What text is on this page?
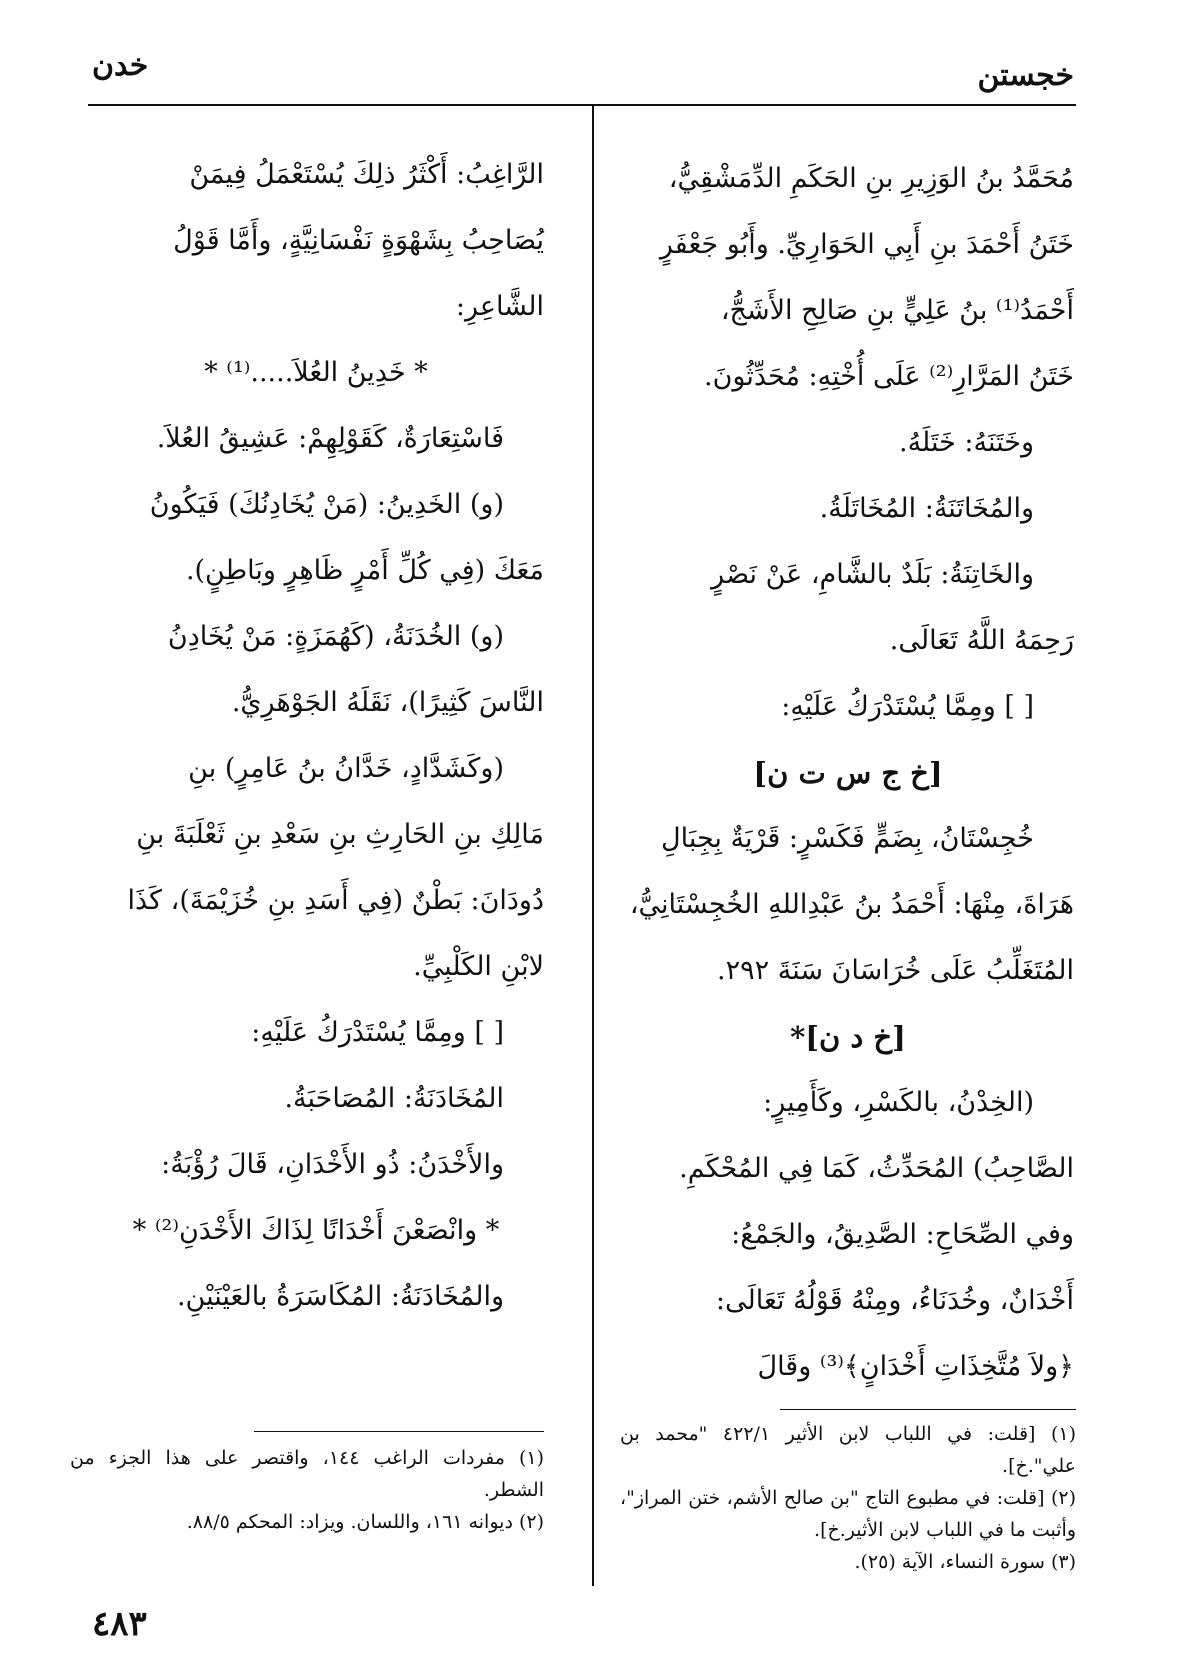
خدن	خجستن

مُحَمَّدُ بنُ الوَزِيرِ بنِ الحَكَمِ الدِّمَشْقِيُّ،

خَتَنُ أَحْمَدَ بنِ أَبِي الحَوَارِيِّ. وأَبُو جَعْفَرٍ

أَحْمَدُ⁽¹⁾ بنُ عَلِيٍّ بنِ صَالِحِ الأَشَجُّ،

خَتَنُ المَرَّارِ⁽²⁾ عَلَى أُخْتِهِ: مُحَدِّثُونَ.

وخَتَنَهُ: خَتَلَهُ.

والمُخَاتَنَةُ: المُخَاتَلَةُ.

والخَاتِنَةُ: بَلَدٌ بالشَّامِ، عَنْ نَصْرٍ

رَحِمَهُ اللَّهُ تَعَالَى.

[ ] ومِمَّا يُسْتَدْرَكُ عَلَيْهِ:

[خ ج س ت ن]

خُجِسْتَانُ، بِضَمٍّ فَكَسْرٍ: قَرْيَةٌ بِجِبَالِ

هَرَاةَ، مِنْهَا: أَحْمَدُ بنُ عَبْدِاللهِ الخُجِسْتَانِيُّ،

المُتَغَلِّبُ عَلَى خُرَاسَانَ سَنَةَ ٢٩٢.

[خ د ن]*

(الخِدْنُ، بالكَسْرِ، وكَأَمِيرٍ:

الصَّاحِبُ) المُحَدِّثُ، كَمَا فِي المُحْكَمِ.

وفي الصِّحَاحِ: الصَّدِيقُ، والجَمْعُ:

أَخْدَانٌ، وخُدَنَاءُ، ومِنْهُ قَوْلُهُ تَعَالَى:

﴿ولاَ مُتَّخِذَاتِ أَخْدَانٍ﴾⁽³⁾ وقَالَ

الرَّاغِبُ: أَكْثَرُ ذلِكَ يُسْتَعْمَلُ فِيمَنْ

يُصَاحِبُ بِشَهْوَةٍ نَفْسَانِيَّةٍ، وأَمَّا قَوْلُ

الشَّاعِرِ:

* خَدِينُ العُلاَ.....⁽¹⁾ *

فَاسْتِعَارَةٌ، كَقَوْلِهِمْ: عَشِيقُ العُلاَ.

(و) الخَدِينُ: (مَنْ يُخَادِنُكَ) فَيَكُونُ

مَعَكَ (فِي كُلِّ أَمْرٍ ظَاهِرٍ وبَاطِنٍ).

(و) الخُدَنَةُ، (كَهُمَزَةٍ: مَنْ يُخَادِنُ

النَّاسَ كَثِيرًا)، نَقَلَهُ الجَوْهَرِيُّ.

(وكَشَدَّادٍ، خَدَّانُ بنُ عَامِرٍ) بنِ

مَالِكِ بنِ الحَارِثِ بنِ سَعْدِ بنِ ثَعْلَبَةَ بنِ

دُودَانَ: بَطْنٌ (فِي أَسَدِ بنِ خُزَيْمَةَ)، كَذَا

لابْنِ الكَلْبِيِّ.

[ ] ومِمَّا يُسْتَدْرَكُ عَلَيْهِ:

المُخَادَنَةُ: المُصَاحَبَةُ.

والأَخْدَنُ: ذُو الأَخْدَانِ، قَالَ رُؤْبَةُ:

* وانْصَعْنَ أَخْدَانًا لِذَاكَ الأَخْدَنِ⁽²⁾ *

والمُخَادَنَةُ: المُكَاسَرَةُ بالعَيْنَيْنِ.

(١) [قلت: في اللباب لابن الأثير ٤٢٢/١ "محمد بن علي".خ].

(٢) [قلت: في مطبوع التاج "بن صالح الأشم، ختن المراز"، وأثبت ما في اللباب لابن الأثير.خ].

(٣) سورة النساء، الآية (٢٥).

(١) مفردات الراغب ١٤٤، واقتصر على هذا الجزء من الشطر.

(٢) ديوانه ١٦١، واللسان. ويزاد: المحكم ٨٨/٥.

٤٨٣
